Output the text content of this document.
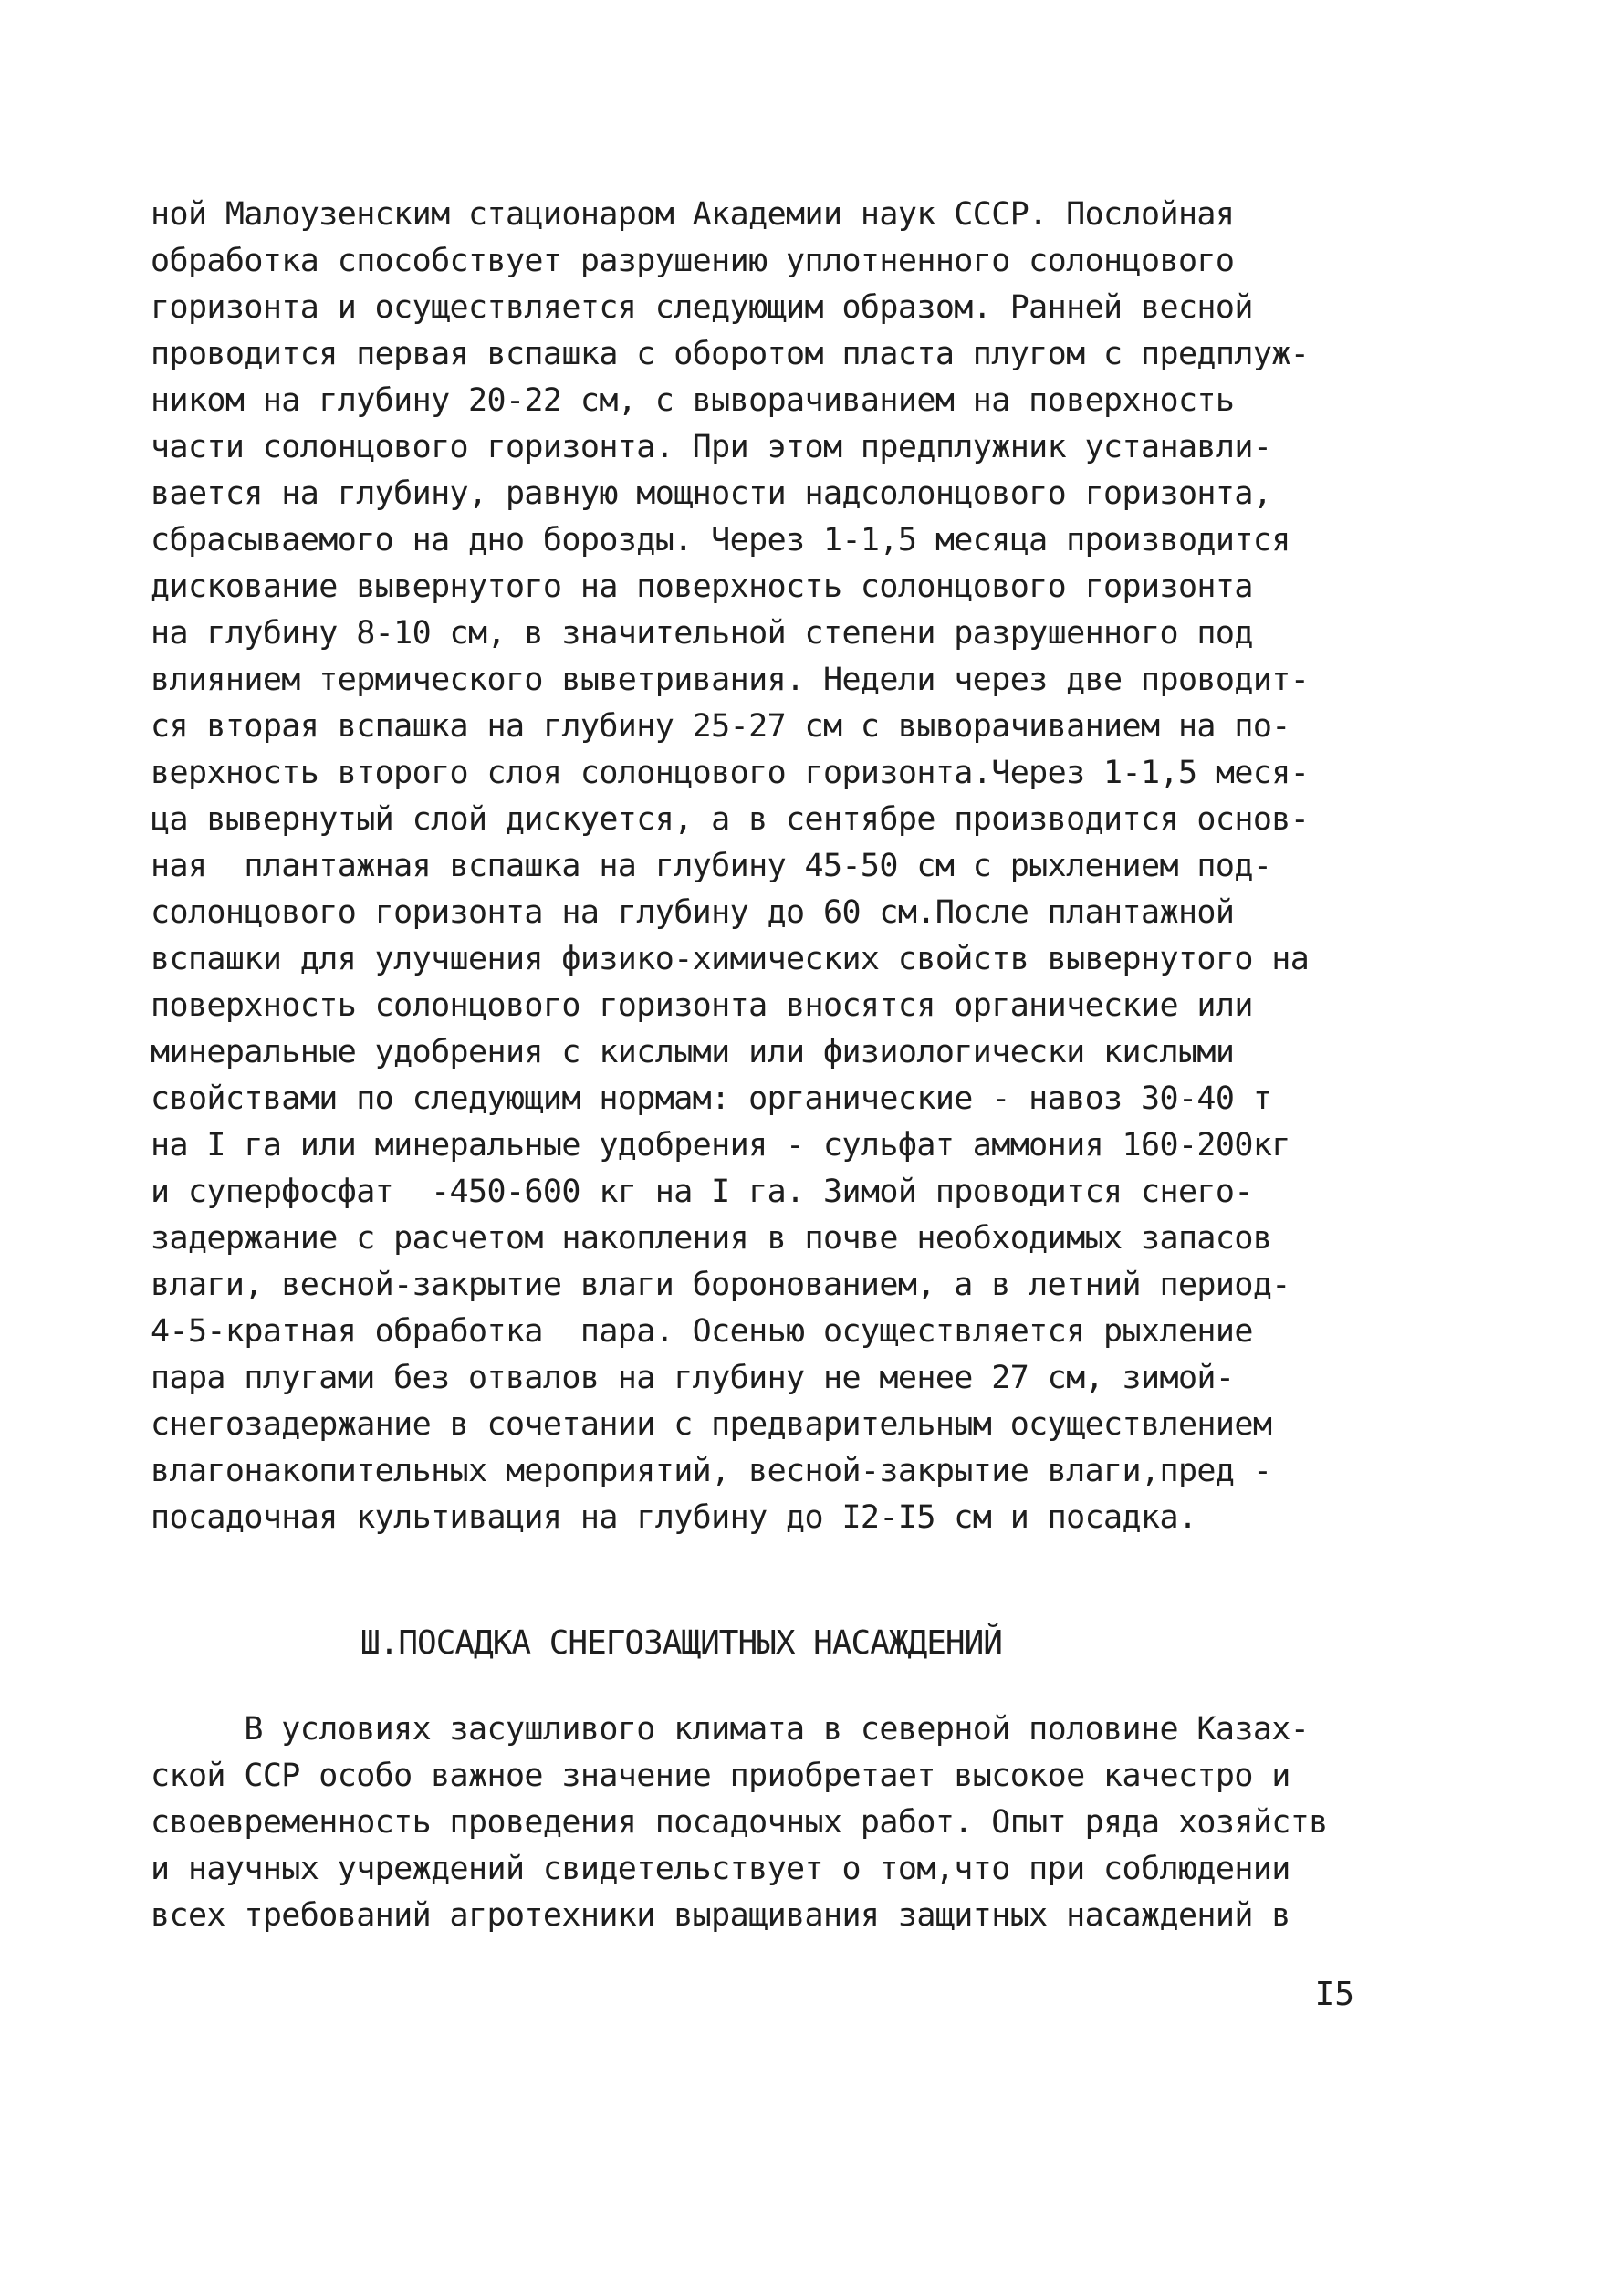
ной Малоузенским стационаром Академии наук СССР. Послойная
обработка способствует разрушению уплотненного солонцового
горизонта и осуществляется следующим образом. Ранней весной
проводится первая вспашка с оборотом пласта плугом с предплуж-
ником на глубину 20-22 см, с выворачиванием на поверхность
части солонцового горизонта. При этом предплужник устанавли-
вается на глубину, равную мощности надсолонцового горизонта,
сбрасываемого на дно борозды. Через 1-1,5 месяца производится
дискование вывернутого на поверхность солонцового горизонта
на глубину 8-10 см, в значительной степени разрушенного под
влиянием термического выветривания. Недели через две проводит-
ся вторая вспашка на глубину 25-27 см с выворачиванием на по-
верхность второго слоя солонцового горизонта.Через 1-1,5 меся-
ца вывернутый слой дискуется, а в сентябре производится основ-
ная  плантажная вспашка на глубину 45-50 см с рыхлением под-
солонцового горизонта на глубину до 60 см.После плантажной
вспашки для улучшения физико-химических свойств вывернутого на
поверхность солонцового горизонта вносятся органические или
минеральные удобрения с кислыми или физиологически кислыми
свойствами по следующим нормам: органические - навоз 30-40 т
на I га или минеральные удобрения - сульфат аммония 160-200кг
и суперфосфат  -450-600 кг на I га. Зимой проводится снего-
задержание с расчетом накопления в почве необходимых запасов
влаги, весной-закрытие влаги боронованием, а в летний период-
4-5-кратная обработка  пара. Осенью осуществляется рыхление
пара плугами без отвалов на глубину не менее 27 см, зимой-
снегозадержание в сочетании с предварительным осуществлением
влагонакопительных мероприятий, весной-закрытие влаги,пред -
посадочная культивация на глубину до I2-I5 см и посадка.
Ш.ПОСАДКА СНЕГОЗАЩИТНЫХ НАСАЖДЕНИЙ
В условиях засушливого климата в северной половине Казах-
ской ССР особо важное значение приобретает высокое качестро и
своевременность проведения посадочных работ. Опыт ряда хозяйств
и научных учреждений свидетельствует о том,что при соблюдении
всех требований агротехники выращивания защитных насаждений в
I5
